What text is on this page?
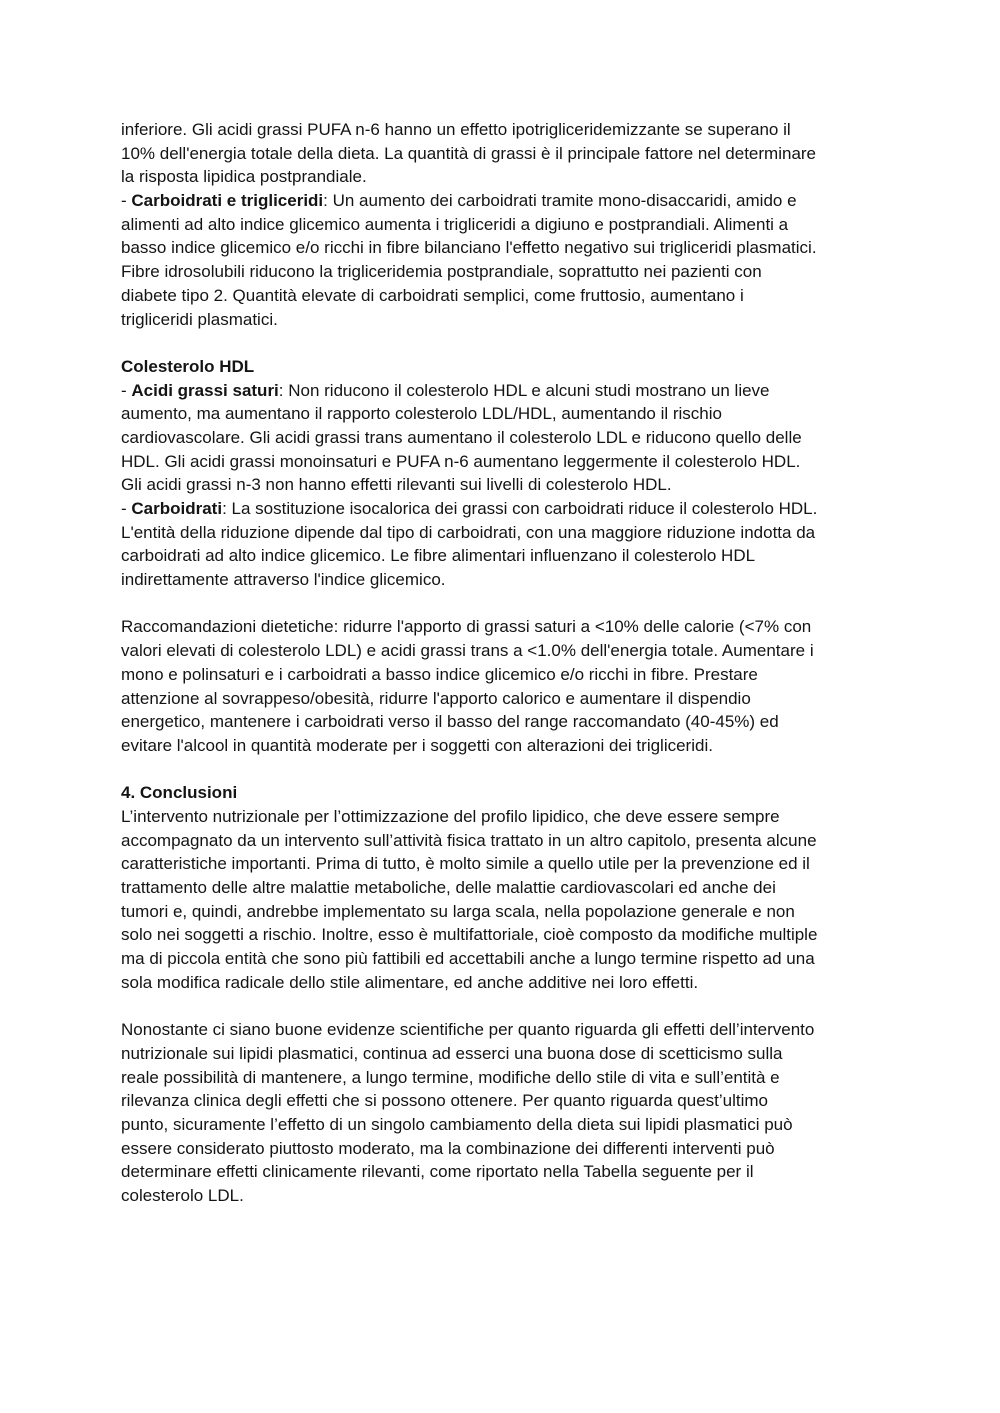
inferiore. Gli acidi grassi PUFA n-6 hanno un effetto ipotrigliceridemizzante se superano il
10% dell'energia totale della dieta. La quantità di grassi è il principale fattore nel determinare
la risposta lipidica postprandiale.
- Carboidrati e trigliceridi: Un aumento dei carboidrati tramite mono-disaccaridi, amido e
alimenti ad alto indice glicemico aumenta i trigliceridi a digiuno e postprandiali. Alimenti a
basso indice glicemico e/o ricchi in fibre bilanciano l'effetto negativo sui trigliceridi plasmatici.
Fibre idrosolubili riducono la trigliceridemia postprandiale, soprattutto nei pazienti con
diabete tipo 2. Quantità elevate di carboidrati semplici, come fruttosio, aumentano i
trigliceridi plasmatici.
Colesterolo HDL
- Acidi grassi saturi: Non riducono il colesterolo HDL e alcuni studi mostrano un lieve
aumento, ma aumentano il rapporto colesterolo LDL/HDL, aumentando il rischio
cardiovascolare. Gli acidi grassi trans aumentano il colesterolo LDL e riducono quello delle
HDL. Gli acidi grassi monoinsaturi e PUFA n-6 aumentano leggermente il colesterolo HDL.
Gli acidi grassi n-3 non hanno effetti rilevanti sui livelli di colesterolo HDL.
- Carboidrati: La sostituzione isocalorica dei grassi con carboidrati riduce il colesterolo HDL.
L'entità della riduzione dipende dal tipo di carboidrati, con una maggiore riduzione indotta da
carboidrati ad alto indice glicemico. Le fibre alimentari influenzano il colesterolo HDL
indirettamente attraverso l'indice glicemico.
Raccomandazioni dietetiche: ridurre l'apporto di grassi saturi a <10% delle calorie (<7% con
valori elevati di colesterolo LDL) e acidi grassi trans a <1.0% dell'energia totale. Aumentare i
mono e polinsaturi e i carboidrati a basso indice glicemico e/o ricchi in fibre. Prestare
attenzione al sovrappeso/obesità, ridurre l'apporto calorico e aumentare il dispendio
energetico, mantenere i carboidrati verso il basso del range raccomandato (40-45%) ed
evitare l'alcool in quantità moderate per i soggetti con alterazioni dei trigliceridi.
4. Conclusioni
L’intervento nutrizionale per l’ottimizzazione del profilo lipidico, che deve essere sempre
accompagnato da un intervento sull’attività fisica trattato in un altro capitolo, presenta alcune
caratteristiche importanti. Prima di tutto, è molto simile a quello utile per la prevenzione ed il
trattamento delle altre malattie metaboliche, delle malattie cardiovascolari ed anche dei
tumori e, quindi, andrebbe implementato su larga scala, nella popolazione generale e non
solo nei soggetti a rischio. Inoltre, esso è multifattoriale, cioè composto da modifiche multiple
ma di piccola entità che sono più fattibili ed accettabili anche a lungo termine rispetto ad una
sola modifica radicale dello stile alimentare, ed anche additive nei loro effetti.
Nonostante ci siano buone evidenze scientifiche per quanto riguarda gli effetti dell’intervento
nutrizionale sui lipidi plasmatici, continua ad esserci una buona dose di scetticismo sulla
reale possibilità di mantenere, a lungo termine, modifiche dello stile di vita e sull’entità e
rilevanza clinica degli effetti che si possono ottenere. Per quanto riguarda quest’ultimo
punto, sicuramente l’effetto di un singolo cambiamento della dieta sui lipidi plasmatici può
essere considerato piuttosto moderato, ma la combinazione dei differenti interventi può
determinare effetti clinicamente rilevanti, come riportato nella Tabella seguente per il
colesterolo LDL.
